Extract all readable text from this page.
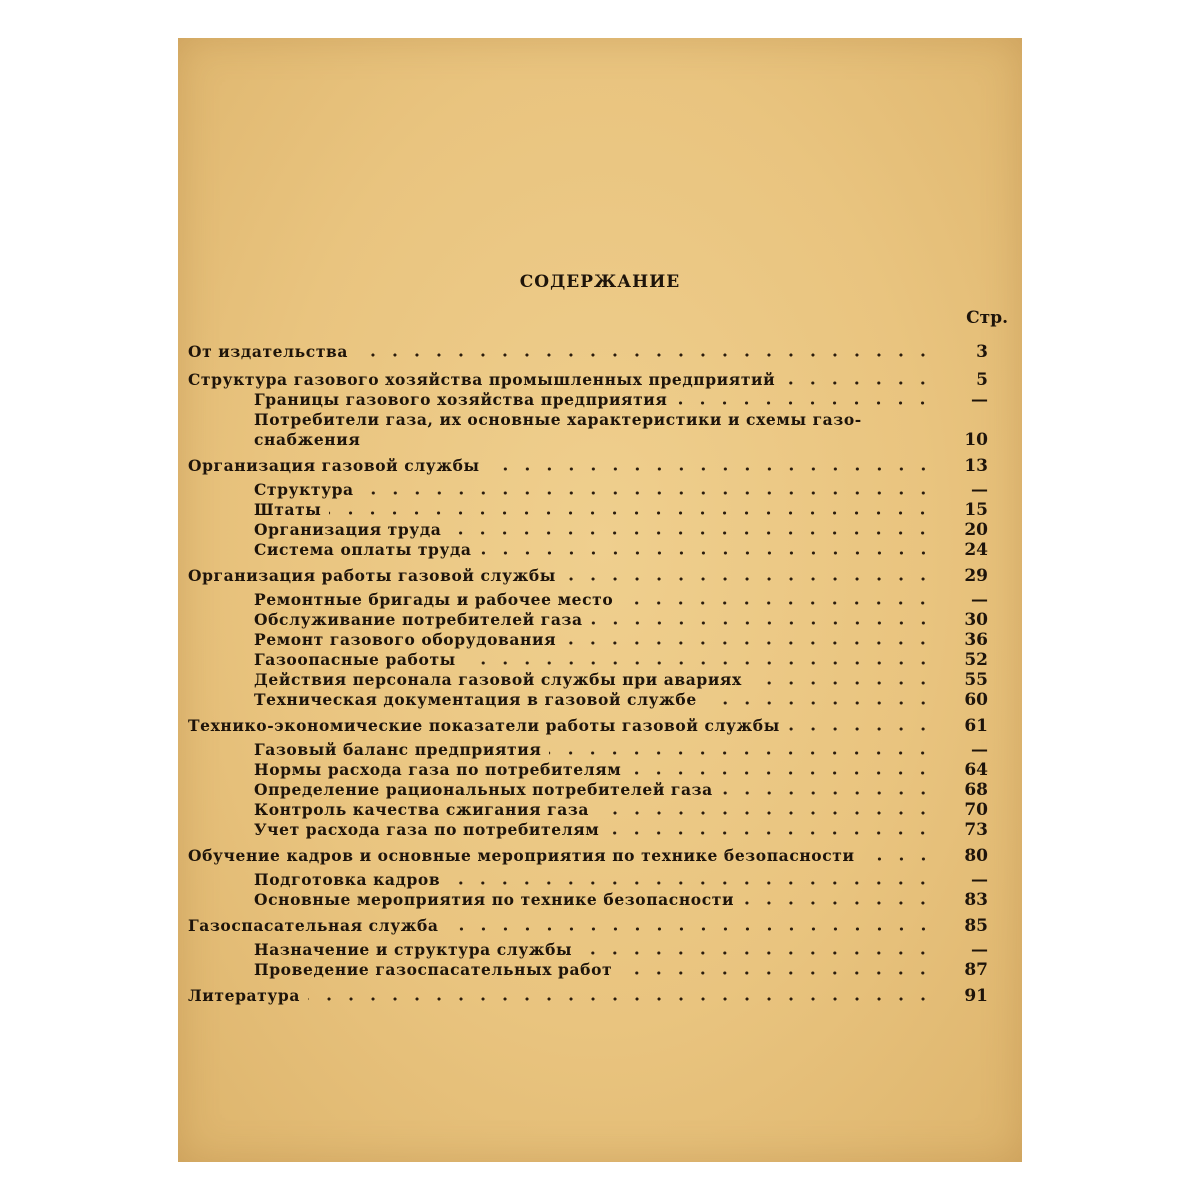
СОДЕРЖАНИЕ
Стр.
От издательства	3
Структура газового хозяйства промышленных предприятий	5
Границы газового хозяйства предприятия	—
Потребители газа, их основные характеристики и схемы газо-
снабжения	10
Организация газовой службы	13
Структура	—
Штаты	15
Организация труда	20
Система оплаты труда	24
Организация работы газовой службы	29
Ремонтные бригады и рабочее место	—
Обслуживание потребителей газа	30
Ремонт газового оборудования	36
Газоопасные работы	52
Действия персонала газовой службы при авариях	55
Техническая документация в газовой службе	60
Технико-экономические показатели работы газовой службы	61
Газовый баланс предприятия	—
Нормы расхода газа по потребителям	64
Определение рациональных потребителей газа	68
Контроль качества сжигания газа	70
Учет расхода газа по потребителям	73
Обучение кадров и основные мероприятия по технике безопасности	80
Подготовка кадров	—
Основные мероприятия по технике безопасности	83
Газоспасательная служба	85
Назначение и структура службы	—
Проведение газоспасательных работ	87
Литература	91
